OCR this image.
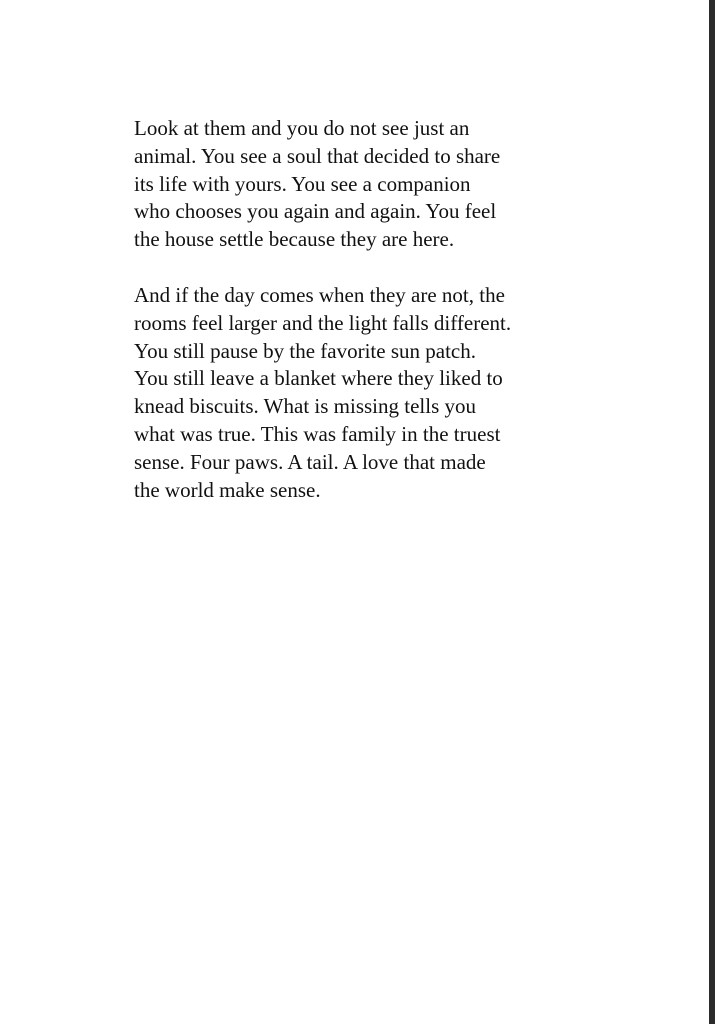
Look at them and you do not see just an
animal. You see a soul that decided to share
its life with yours. You see a companion
who chooses you again and again. You feel
the house settle because they are here.

And if the day comes when they are not, the
rooms feel larger and the light falls different.
You still pause by the favorite sun patch.
You still leave a blanket where they liked to
knead biscuits. What is missing tells you
what was true. This was family in the truest
sense. Four paws. A tail. A love that made
the world make sense.
